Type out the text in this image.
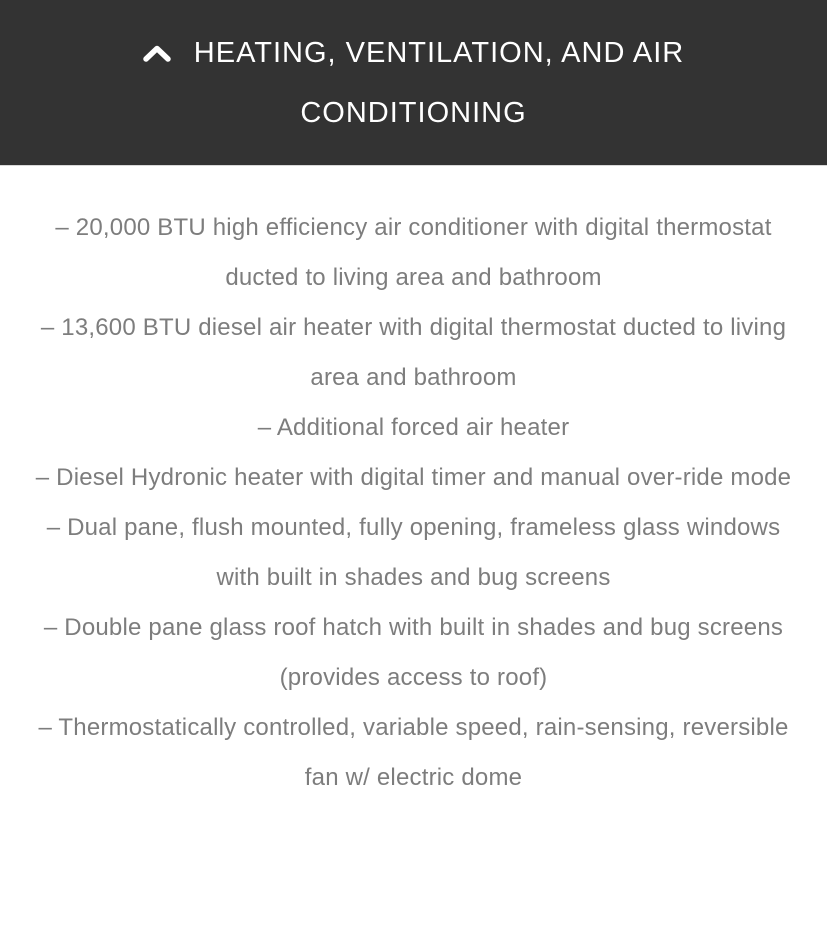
HEATING, VENTILATION, AND AIR
CONDITIONING
– 20,000 BTU high efficiency air conditioner with digital thermostat ducted to living area and bathroom
– 13,600 BTU diesel air heater with digital thermostat ducted to living area and bathroom
– Additional forced air heater
– Diesel Hydronic heater with digital timer and manual over-ride mode
– Dual pane, flush mounted, fully opening, frameless glass windows with built in shades and bug screens
– Double pane glass roof hatch with built in shades and bug screens (provides access to roof)
– Thermostatically controlled, variable speed, rain-sensing, reversible fan w/ electric dome
